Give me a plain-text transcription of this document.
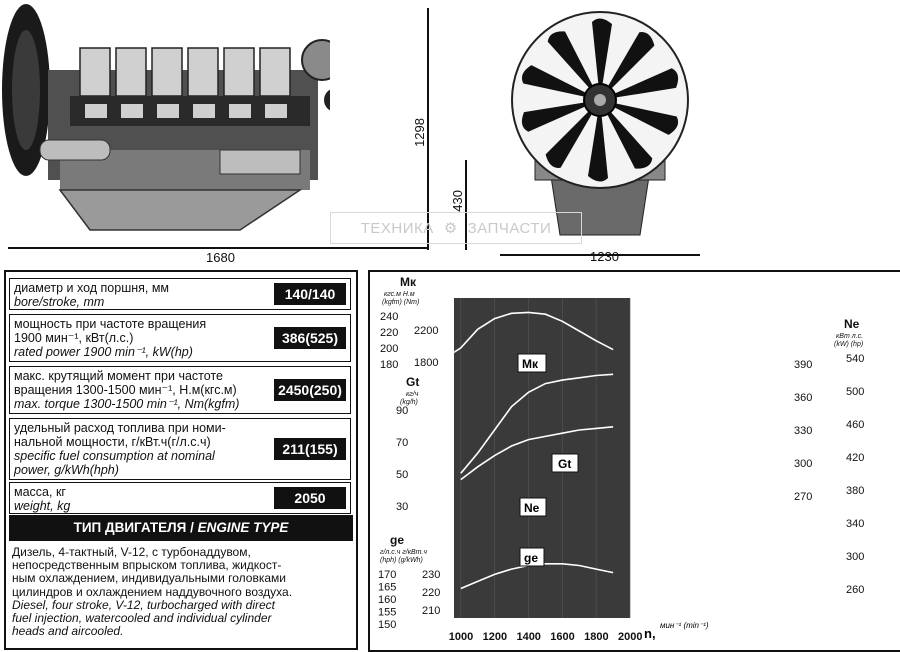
1680
1298
430
1230
ТЕХНИКА ⚙ ЗАПЧАСТИ
диаметр и ход поршня, мм
bore/stroke, mm	140/140
мощность при частоте вращения
1900 мин⁻¹, кВт(л.с.)
rated power 1900 min⁻¹, kW(hp)
386(525)
макс. крутящий момент при частоте
вращения 1300-1500 мин⁻¹, Н.м(кгс.м)
max. torque 1300-1500 min⁻¹, Nm(kgfm)
2450(250)
удельный расход топлива при номи-
нальной мощности, г/кВт.ч(г/л.с.ч)
specific fuel consumption at nominal
power, g/kWh(hph)
211(155)
масса, кг
weight, kg	2050
ТИП ДВИГАТЕЛЯ / ENGINE TYPE
Дизель, 4-тактный, V-12, с турбонаддувом,
непосредственным впрыском топлива, жидкост-
ным охлаждением, индивидуальными головками
цилиндров и охлаждением наддувочного воздуха.
Diesel, four stroke, V-12, turbocharged with direct
fuel injection, watercooled and individual cylinder
heads and aircooled.	1000 1200 1400 1600 1800 2000 n,
мин⁻¹ (min⁻¹)
Mк
кгс.м Н.м
(kgfm) (Nm)
Gt
кг/ч
(kg/h)
ge
г/л.с.ч г/кВт.ч
(hph) (g/kWh)
Ne
кВт л.с.
(kW) (hp)
240
220
200
180
2200
1800
90
70
50
30
170
165
160
155
150
230
220
210
390
360
330
300
270
540
500
460
420
380
340
300
260
Mк
Gt
Ne
ge
